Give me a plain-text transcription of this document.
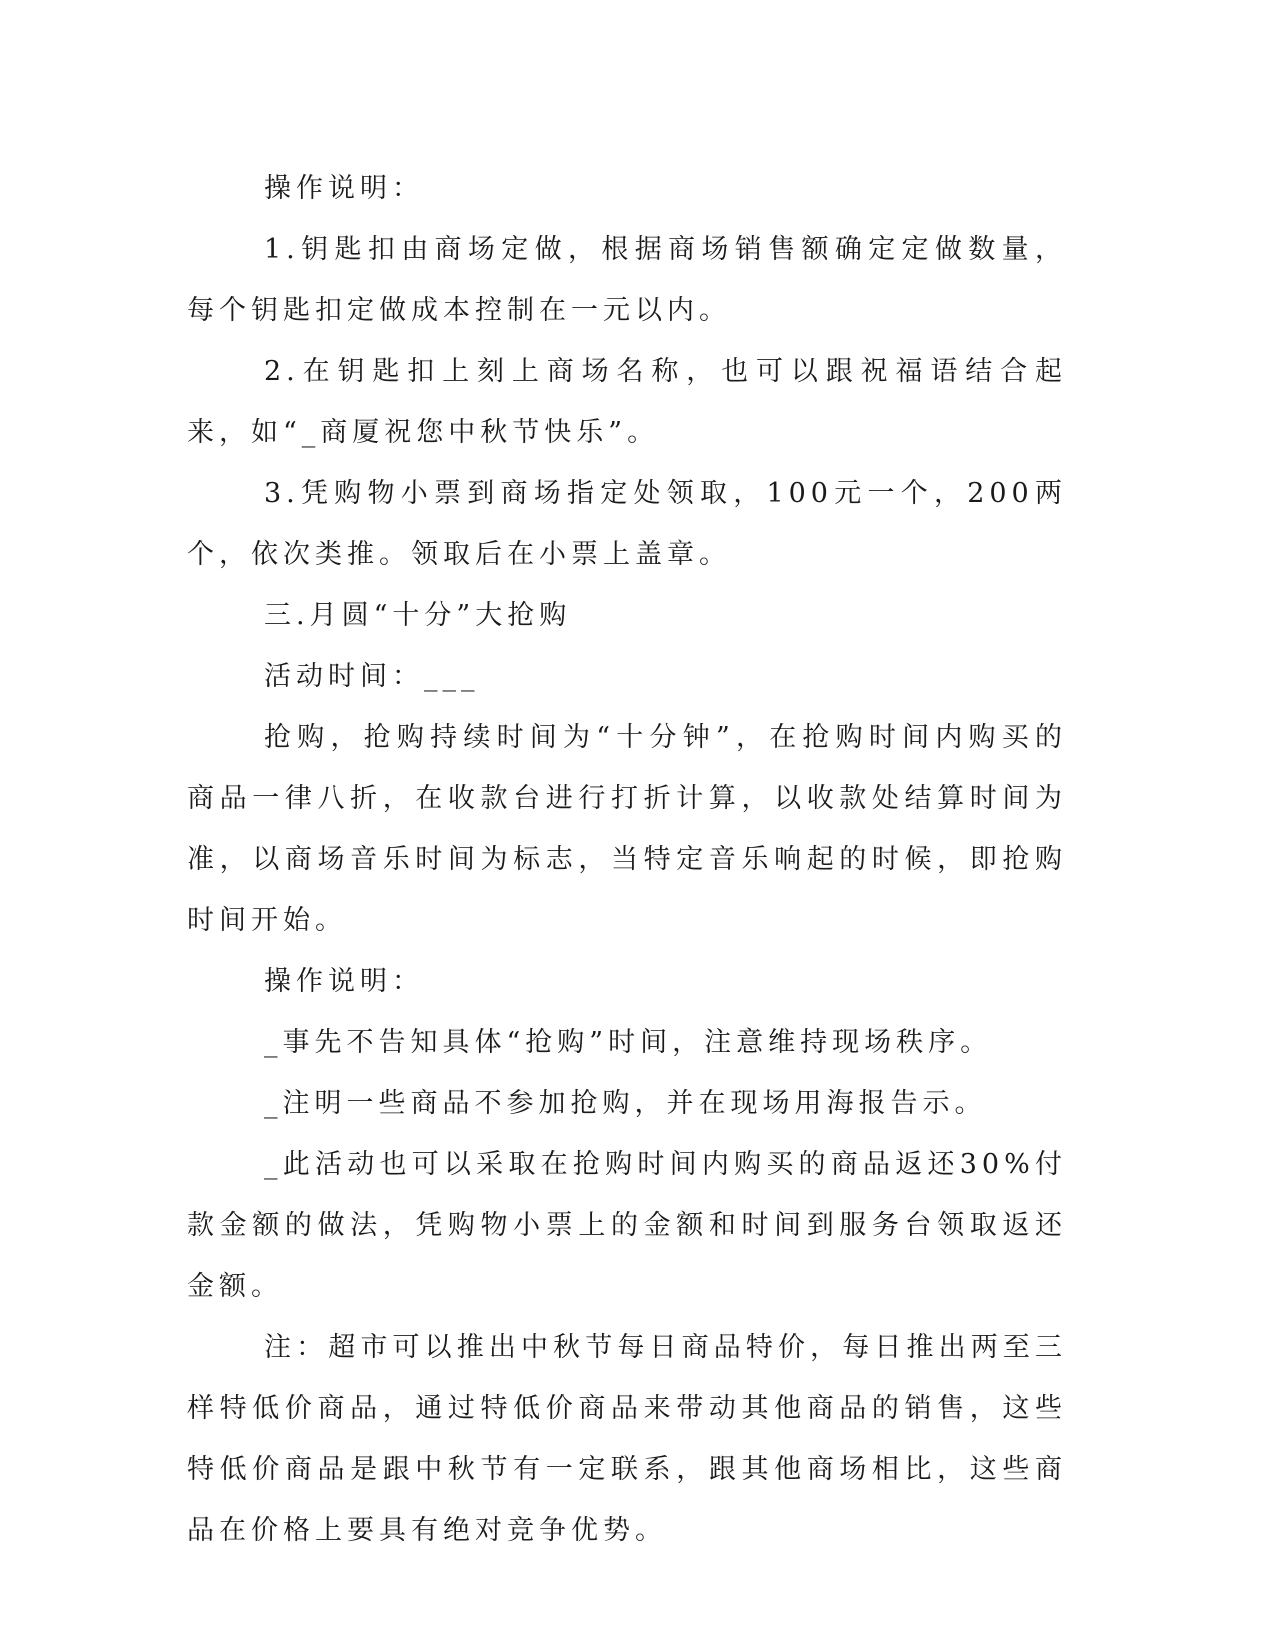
操作说明：

1.钥匙扣由商场定做，根据商场销售额确定定做数量，每个钥匙扣定做成本控制在一元以内。

2.在钥匙扣上刻上商场名称，也可以跟祝福语结合起来，如“_商厦祝您中秋节快乐”。

3.凭购物小票到商场指定处领取，100元一个，200两个，依次类推。领取后在小票上盖章。

三.月圆“十分”大抢购

活动时间：___

抢购，抢购持续时间为“十分钟”，在抢购时间内购买的商品一律八折，在收款台进行打折计算，以收款处结算时间为准，以商场音乐时间为标志，当特定音乐响起的时候，即抢购时间开始。

操作说明：

_事先不告知具体“抢购”时间，注意维持现场秩序。

_注明一些商品不参加抢购，并在现场用海报告示。

_此活动也可以采取在抢购时间内购买的商品返还30%付款金额的做法，凭购物小票上的金额和时间到服务台领取返还金额。

注：超市可以推出中秋节每日商品特价，每日推出两至三样特低价商品，通过特低价商品来带动其他商品的销售，这些特低价商品是跟中秋节有一定联系，跟其他商场相比，这些商品在价格上要具有绝对竞争优势。
